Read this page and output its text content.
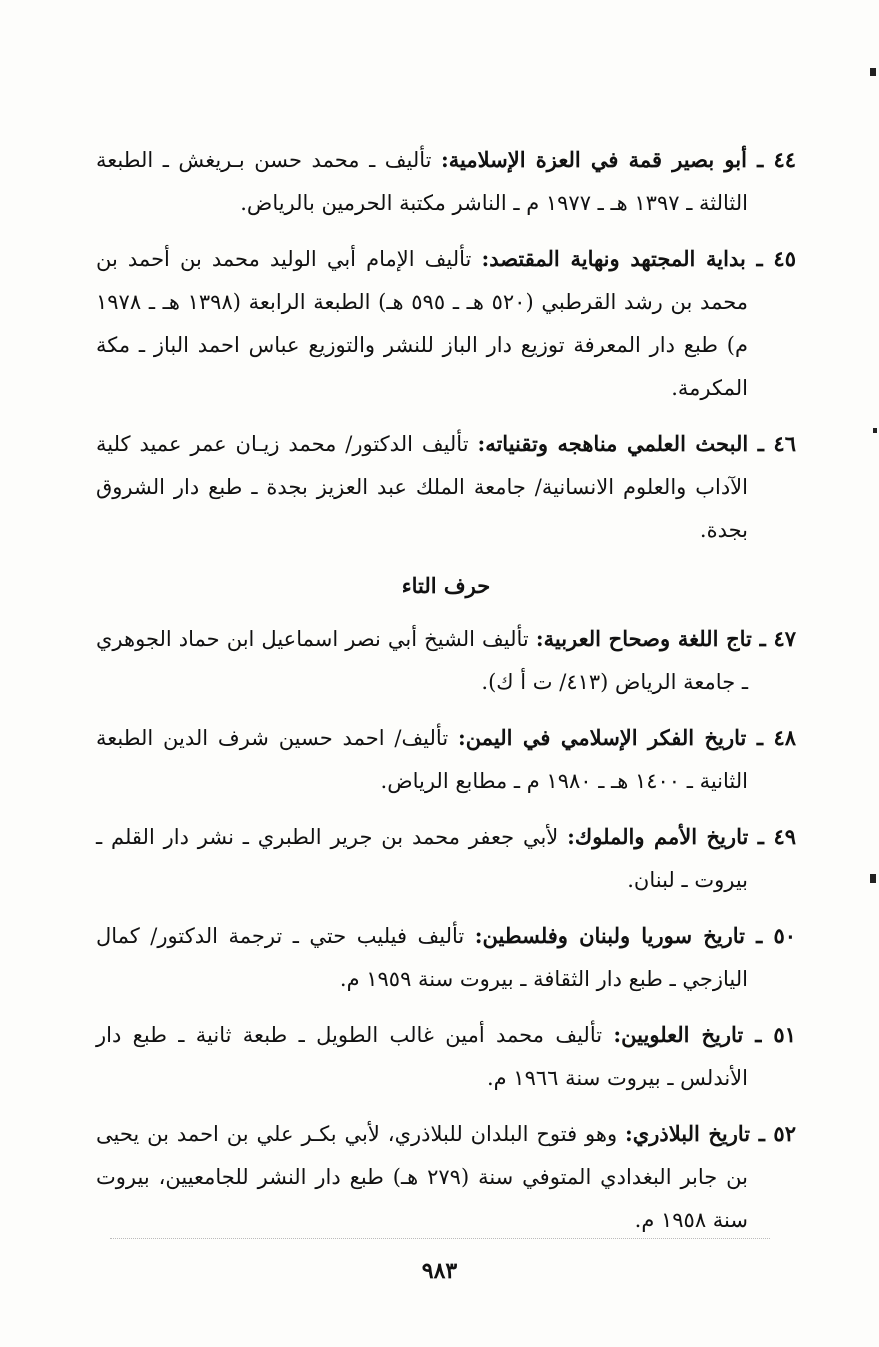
٤٤ ـ أبو بصير قمة في العزة الإسلامية: تأليف ـ محمد حسن بـريغش ـ الطبعة الثالثة ـ ١٣٩٧ هـ ـ ١٩٧٧ م ـ الناشر مكتبة الحرمين بالرياض.

٤٥ ـ بداية المجتهد ونهاية المقتصد: تأليف الإمام أبي الوليد محمد بن أحمد بن محمد بن رشد القرطبي (٥٢٠ هـ ـ ٥٩٥ هـ) الطبعة الرابعة (١٣٩٨ هـ ـ ١٩٧٨ م) طبع دار المعرفة توزيع دار الباز للنشر والتوزيع عباس احمد الباز ـ مكة المكرمة.

٤٦ ـ البحث العلمي مناهجه وتقنياته: تأليف الدكتور/ محمد زيـان عمر عميد كلية الآداب والعلوم الانسانية/ جامعة الملك عبد العزيز بجدة ـ طبع دار الشروق بجدة.

حرف التاء

٤٧ ـ تاج اللغة وصحاح العربية: تأليف الشيخ أبي نصر اسماعيل ابن حماد الجوهري ـ جامعة الرياض (٤١٣/ ت أ ك).

٤٨ ـ تاريخ الفكر الإسلامي في اليمن: تأليف/ احمد حسين شرف الدين الطبعة الثانية ـ ١٤٠٠ هـ ـ ١٩٨٠ م ـ مطابع الرياض.

٤٩ ـ تاريخ الأمم والملوك: لأبي جعفر محمد بن جرير الطبري ـ نشر دار القلم ـ بيروت ـ لبنان.

٥٠ ـ تاريخ سوريا ولبنان وفلسطين: تأليف فيليب حتي ـ ترجمة الدكتور/ كمال اليازجي ـ طبع دار الثقافة ـ بيروت سنة ١٩٥٩ م.

٥١ ـ تاريخ العلويين: تأليف محمد أمين غالب الطويل ـ طبعة ثانية ـ طبع دار الأندلس ـ بيروت سنة ١٩٦٦ م.

٥٢ ـ تاريخ البلاذري: وهو فتوح البلدان للبلاذري، لأبي بكـر علي بن احمد بن يحيى بن جابر البغدادي المتوفي سنة (٢٧٩ هـ) طبع دار النشر للجامعيين، بيروت سنة ١٩٥٨ م.

٩٨٣
